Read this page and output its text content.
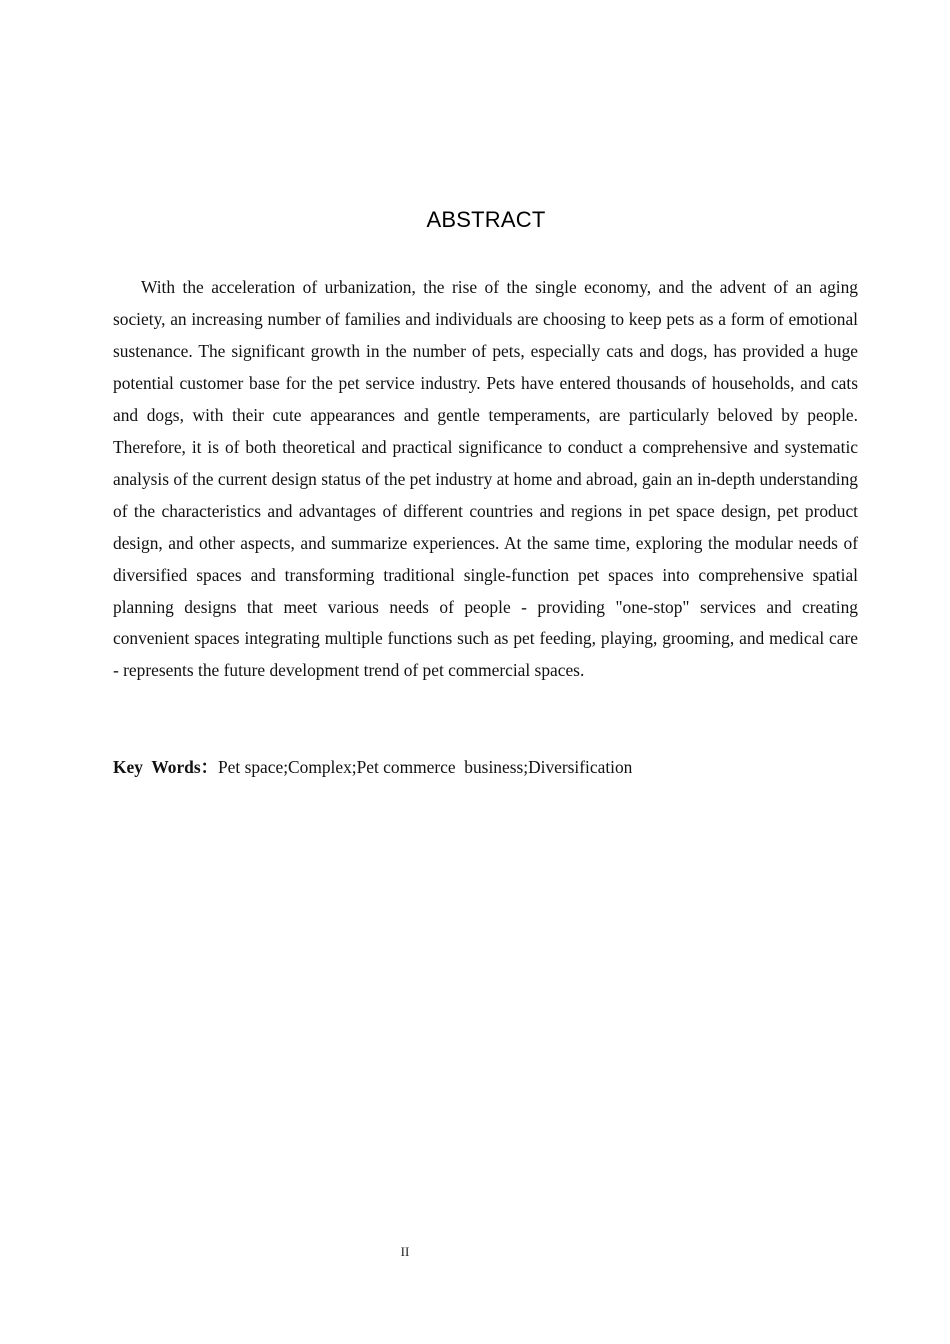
ABSTRACT

With the acceleration of urbanization, the rise of the single economy, and the advent of an aging society, an increasing number of families and individuals are choosing to keep pets as a form of emotional sustenance. The significant growth in the number of pets, especially cats and dogs, has provided a huge potential customer base for the pet service industry. Pets have entered thousands of households, and cats and dogs, with their cute appearances and gentle temperaments, are particularly beloved by people. Therefore, it is of both theoretical and practical significance to conduct a comprehensive and systematic analysis of the current design status of the pet industry at home and abroad, gain an in-depth understanding of the characteristics and advantages of different countries and regions in pet space design, pet product design, and other aspects, and summarize experiences. At the same time, exploring the modular needs of diversified spaces and transforming traditional single-function pet spaces into comprehensive spatial planning designs that meet various needs of people - providing "one-stop" services and creating convenient spaces integrating multiple functions such as pet feeding, playing, grooming, and medical care - represents the future development trend of pet commercial spaces.

Key  Words：Pet space;Complex;Pet commerce  business;Diversification
II
